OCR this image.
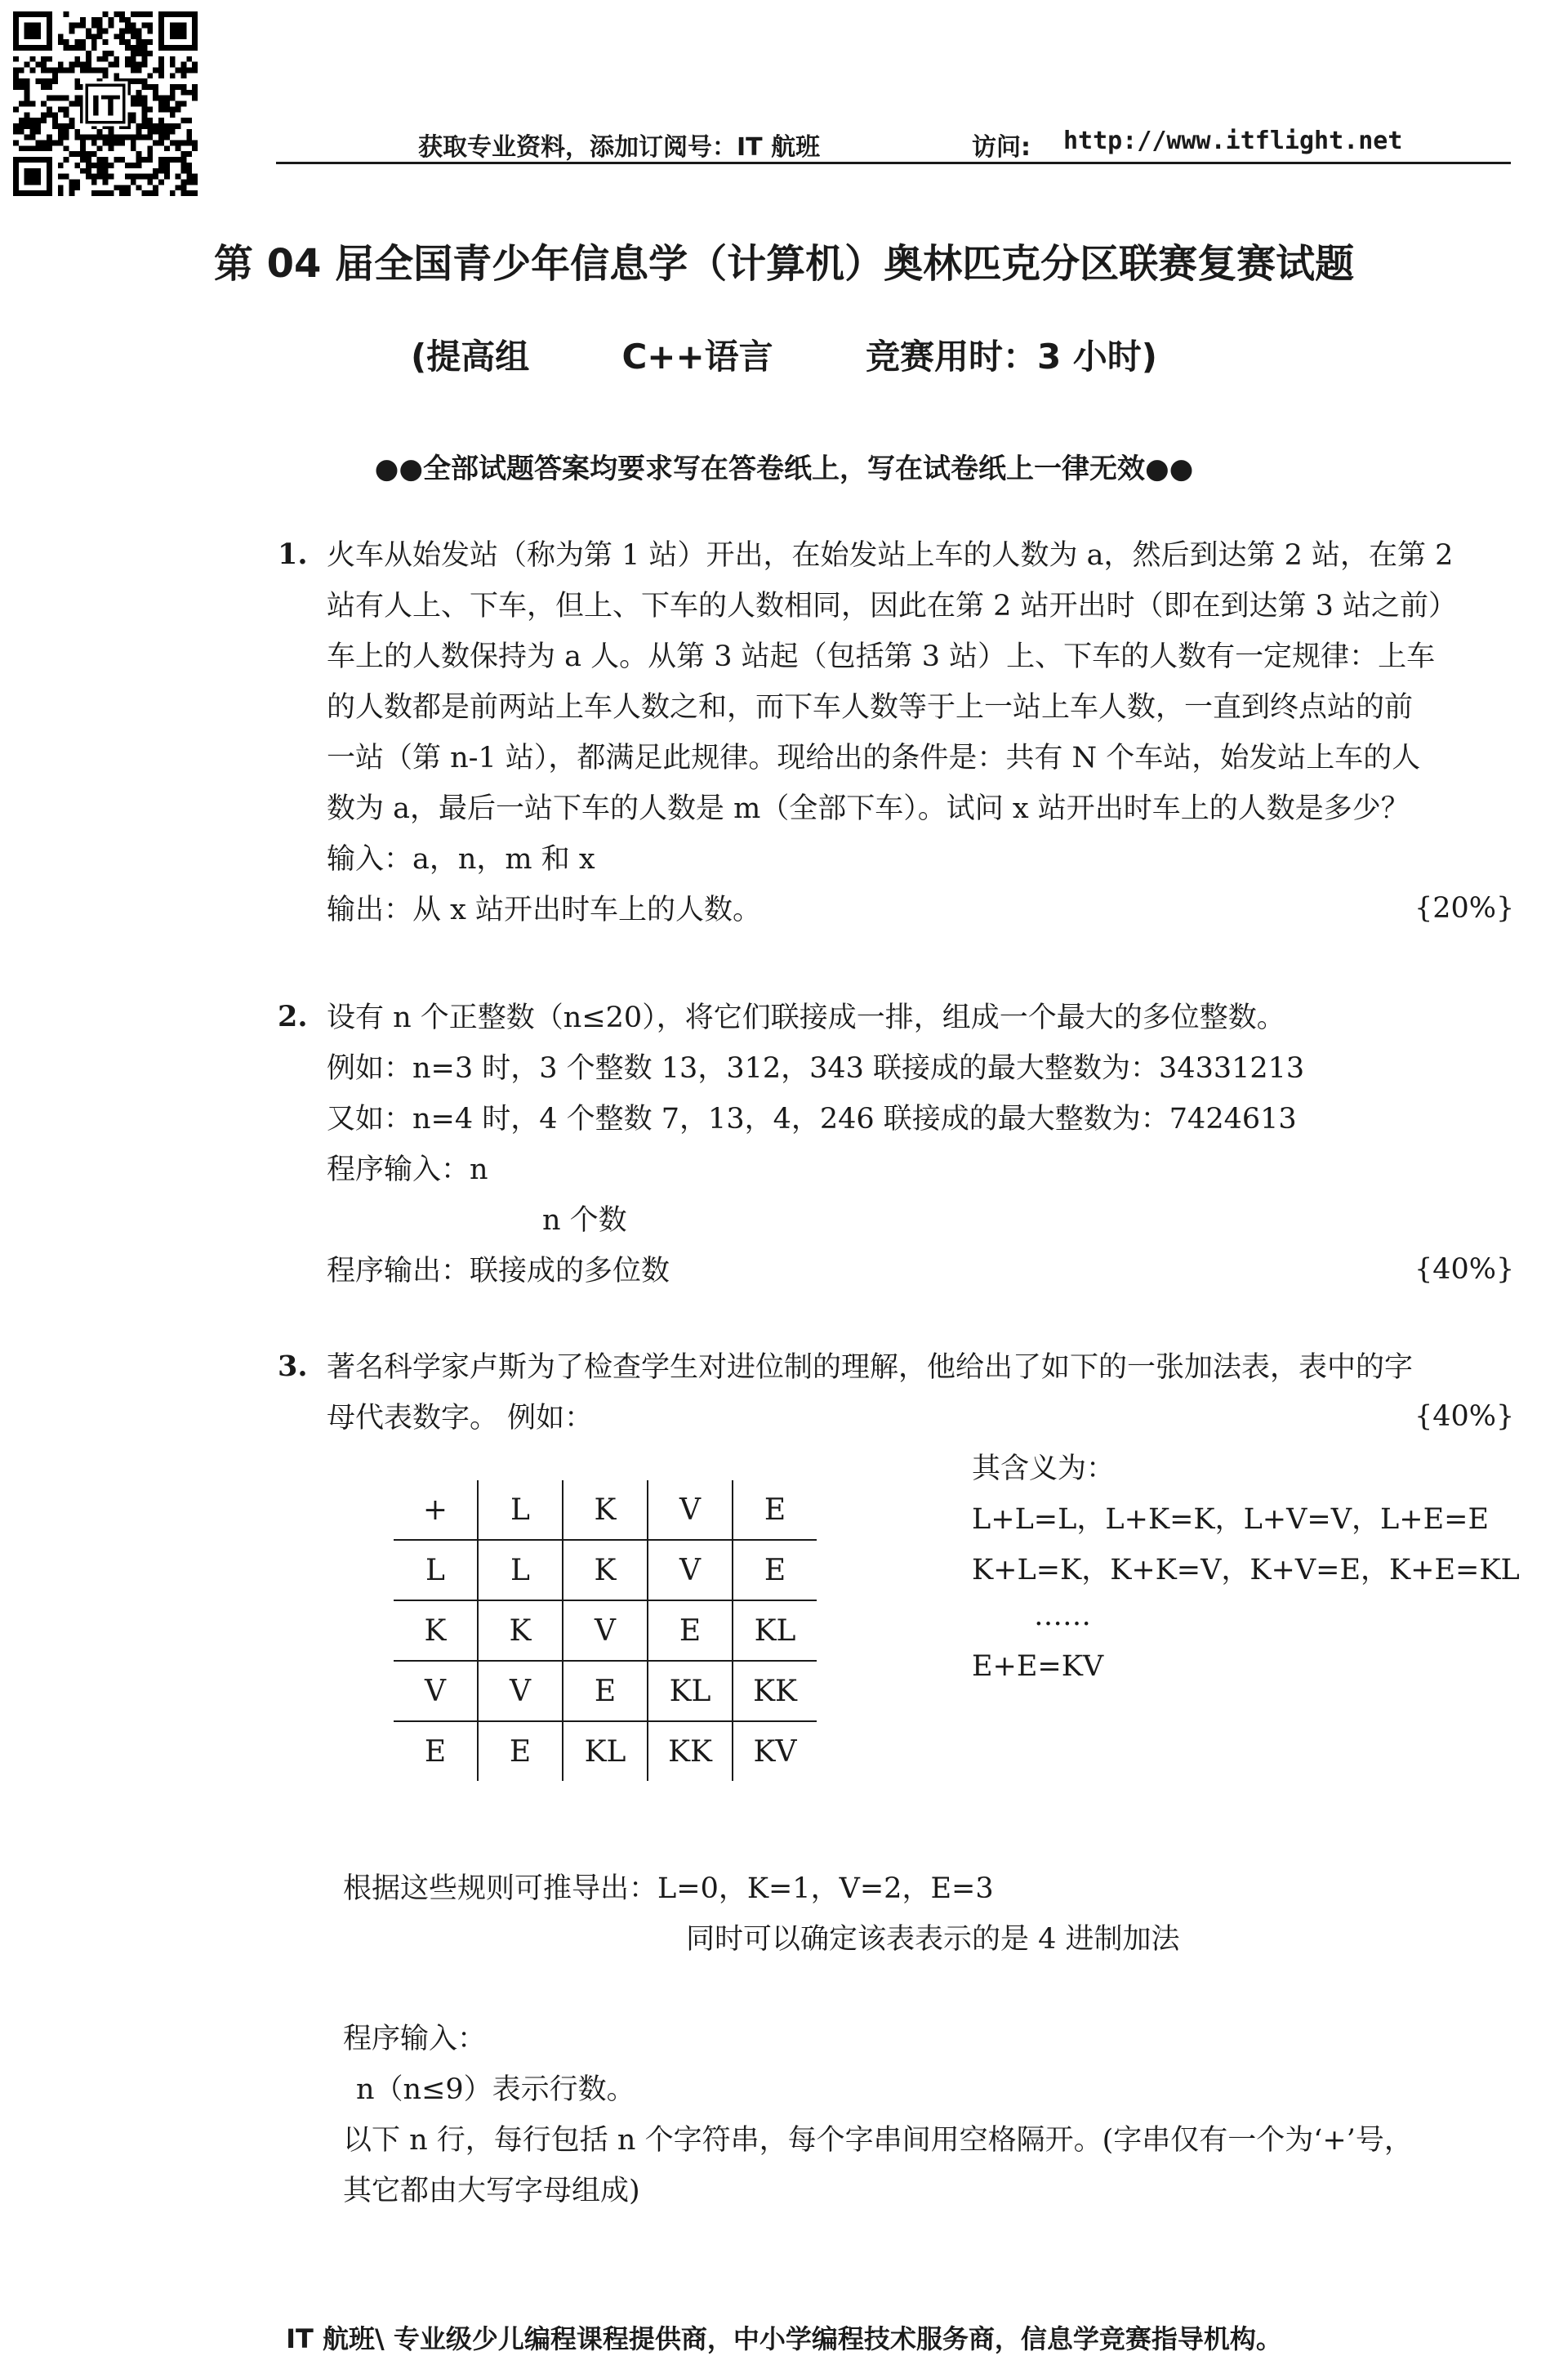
IT
获取专业资料，添加订阅号：IT 航班	访问: http://www.itflight.net
第 04 届全国青少年信息学（计算机）奥林匹克分区联赛复赛试题
(提高组	C++语言	竞赛用时：3 小时)
●●全部试题答案均要求写在答卷纸上，写在试卷纸上一律无效●●
1. 火车从始发站（称为第 1 站）开出，在始发站上车的人数为 a，然后到达第 2 站，在第 2
站有人上、下车，但上、下车的人数相同，因此在第 2 站开出时（即在到达第 3 站之前）
车上的人数保持为 a 人。从第 3 站起（包括第 3 站）上、下车的人数有一定规律：上车
的人数都是前两站上车人数之和，而下车人数等于上一站上车人数，一直到终点站的前
一站（第 n-1 站），都满足此规律。现给出的条件是：共有 N 个车站，始发站上车的人
数为 a，最后一站下车的人数是 m（全部下车）。试问 x 站开出时车上的人数是多少？
输入：a，n，m 和 x
输出：从 x 站开出时车上的人数。	{20%}
2. 设有 n 个正整数（n≤20），将它们联接成一排，组成一个最大的多位整数。
例如：n=3 时，3 个整数 13，312，343 联接成的最大整数为：34331213
又如：n=4 时，4 个整数 7，13，4，246 联接成的最大整数为：7424613
程序输入：n
n 个数
程序输出：联接成的多位数	{40%}
3. 著名科学家卢斯为了检查学生对进位制的理解，他给出了如下的一张加法表，表中的字
母代表数字。 例如：	{40%}
+	L	K	V	E
L	L	K	V	E
K	K	V	E	KL
V	V	E	KL	KK
E	E	KL	KK	KV
其含义为：
L+L=L，L+K=K，L+V=V，L+E=E
K+L=K，K+K=V，K+V=E，K+E=KL
……
E+E=KV
根据这些规则可推导出：L=0，K=1，V=2，E=3
同时可以确定该表表示的是 4 进制加法
程序输入：
n（n≤9）表示行数。
以下 n 行，每行包括 n 个字符串，每个字串间用空格隔开。(字串仅有一个为‘+’号，
其它都由大写字母组成)
IT 航班\ 专业级少儿编程课程提供商，中小学编程技术服务商，信息学竞赛指导机构。
